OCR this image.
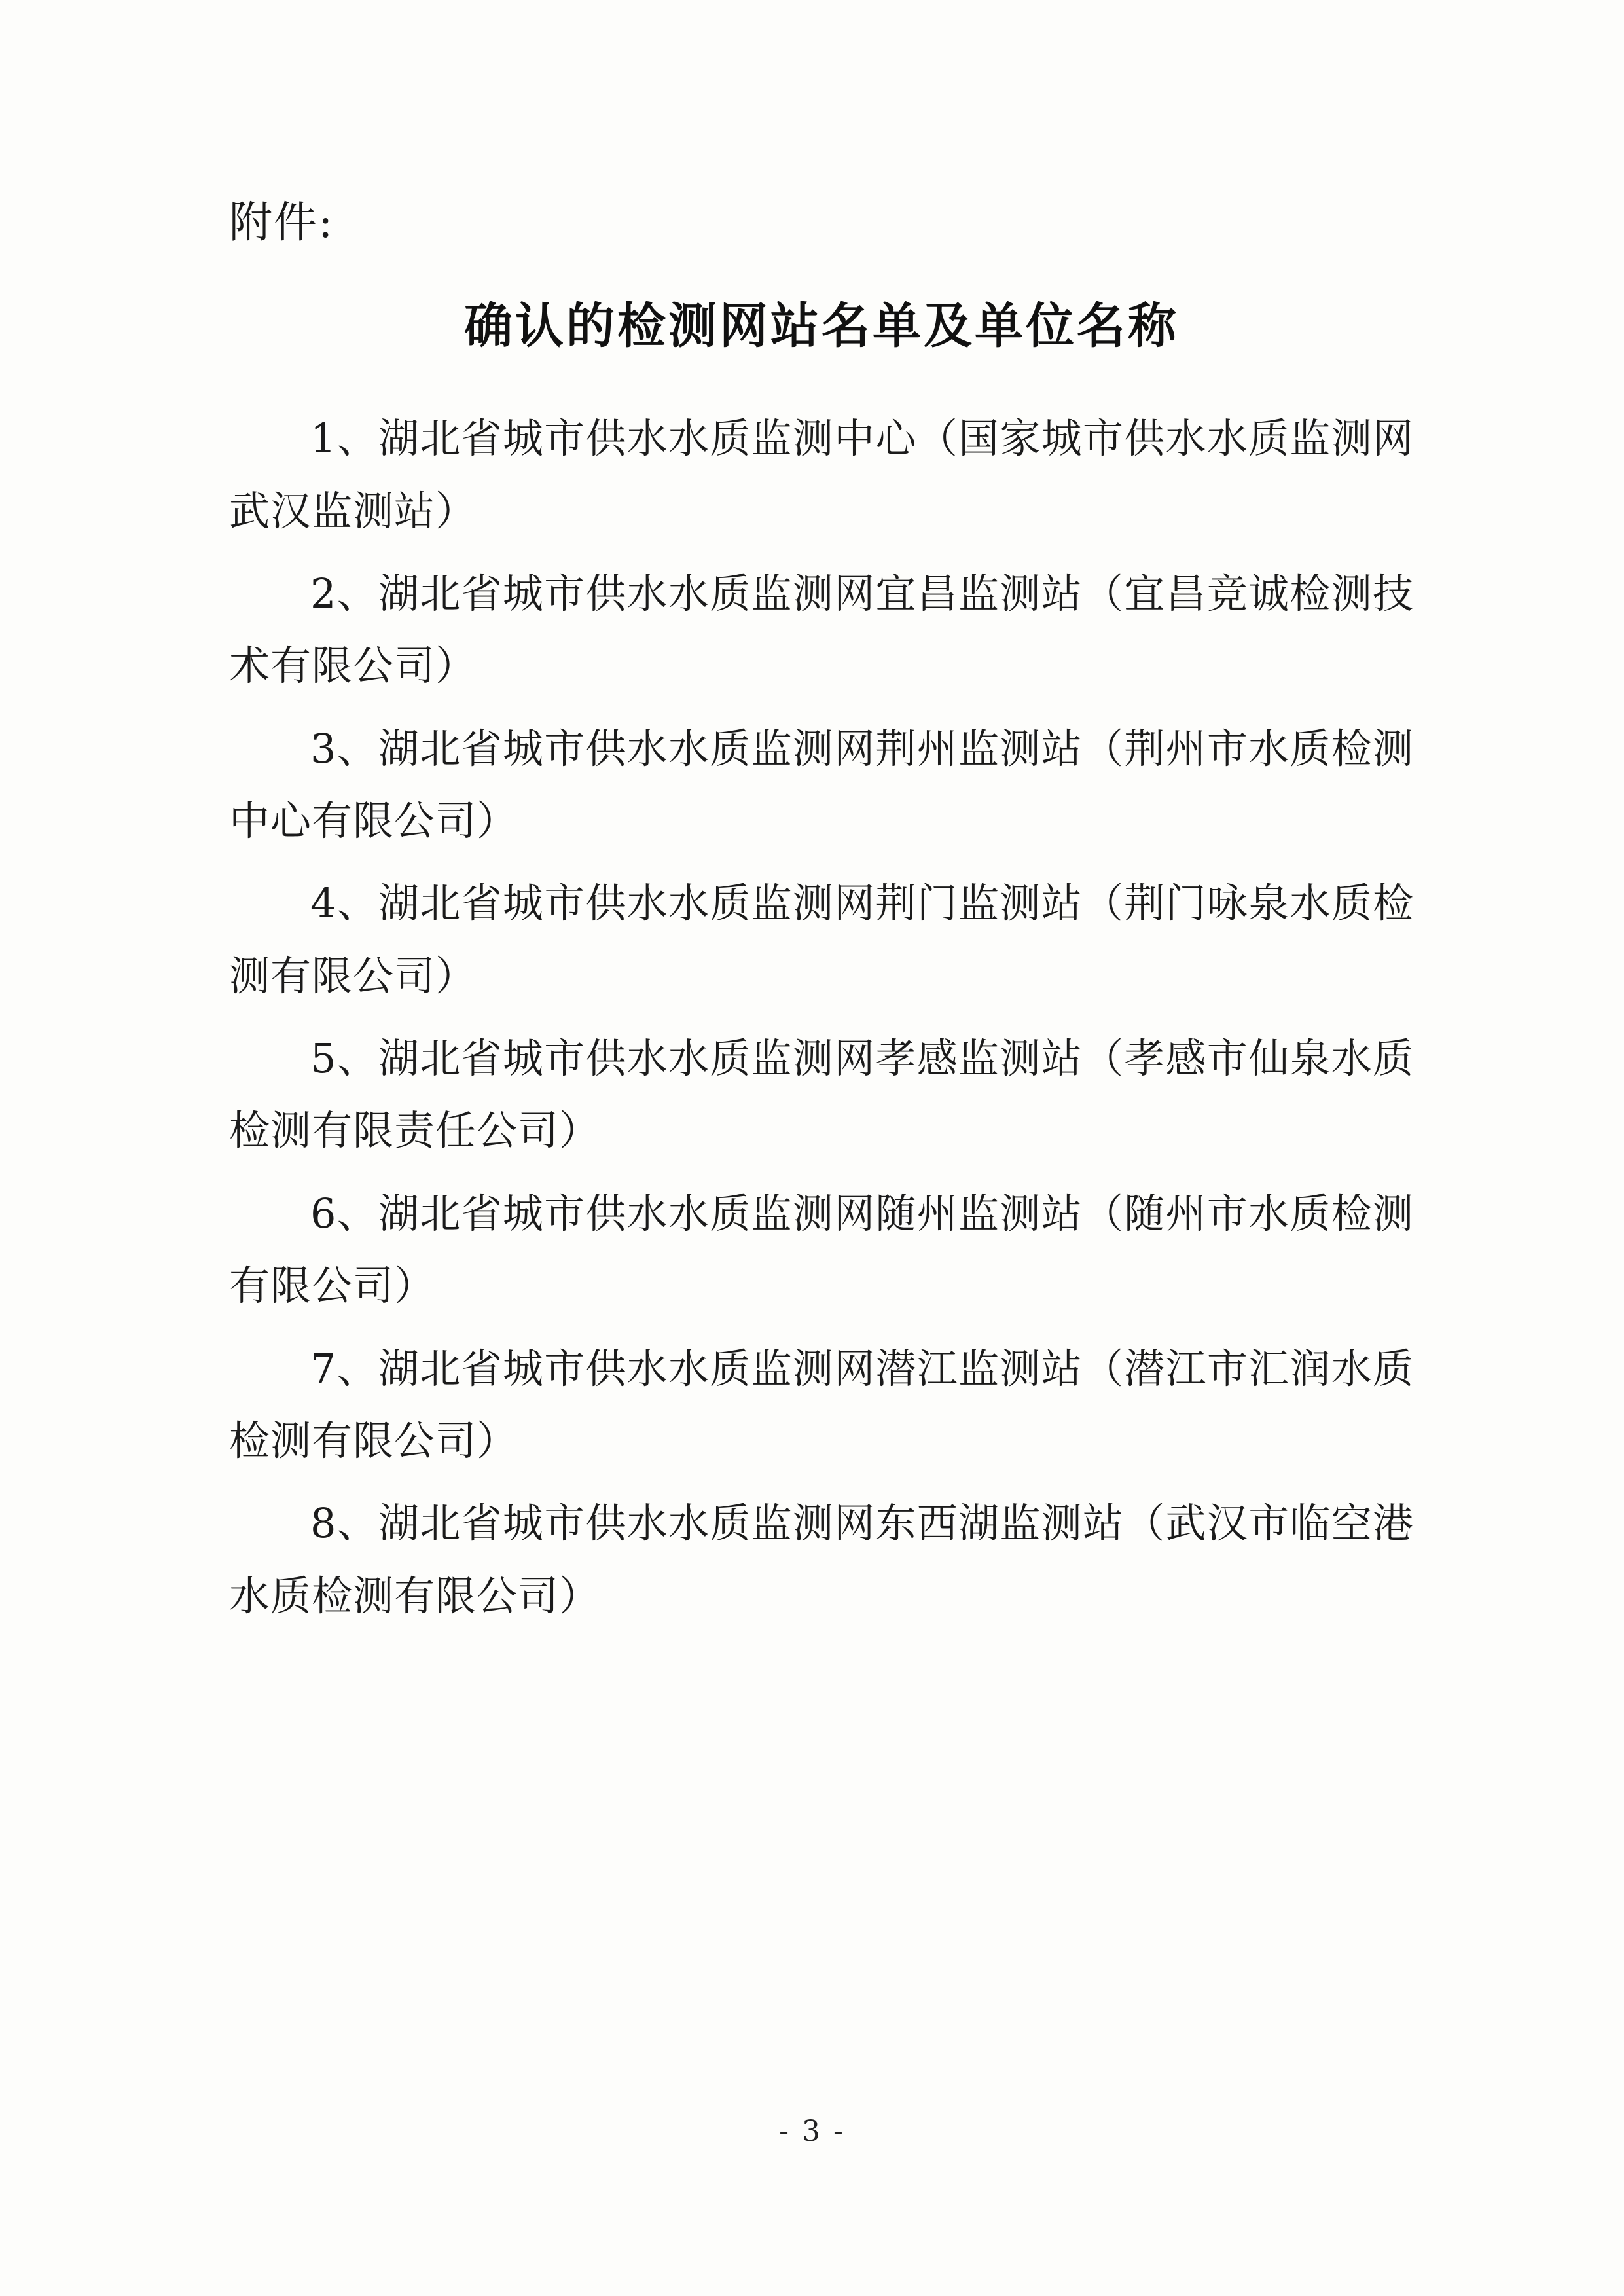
附件:
确认的检测网站名单及单位名称
1、湖北省城市供水水质监测中心（国家城市供水水质监测网武汉监测站）
2、湖北省城市供水水质监测网宜昌监测站（宜昌竞诚检测技术有限公司）
3、湖北省城市供水水质监测网荆州监测站（荆州市水质检测中心有限公司）
4、湖北省城市供水水质监测网荆门监测站（荆门咏泉水质检测有限公司）
5、湖北省城市供水水质监测网孝感监测站（孝感市仙泉水质检测有限责任公司）
6、湖北省城市供水水质监测网随州监测站（随州市水质检测有限公司）
7、湖北省城市供水水质监测网潜江监测站（潜江市汇润水质检测有限公司）
8、湖北省城市供水水质监测网东西湖监测站（武汉市临空港水质检测有限公司）
- 3 -
